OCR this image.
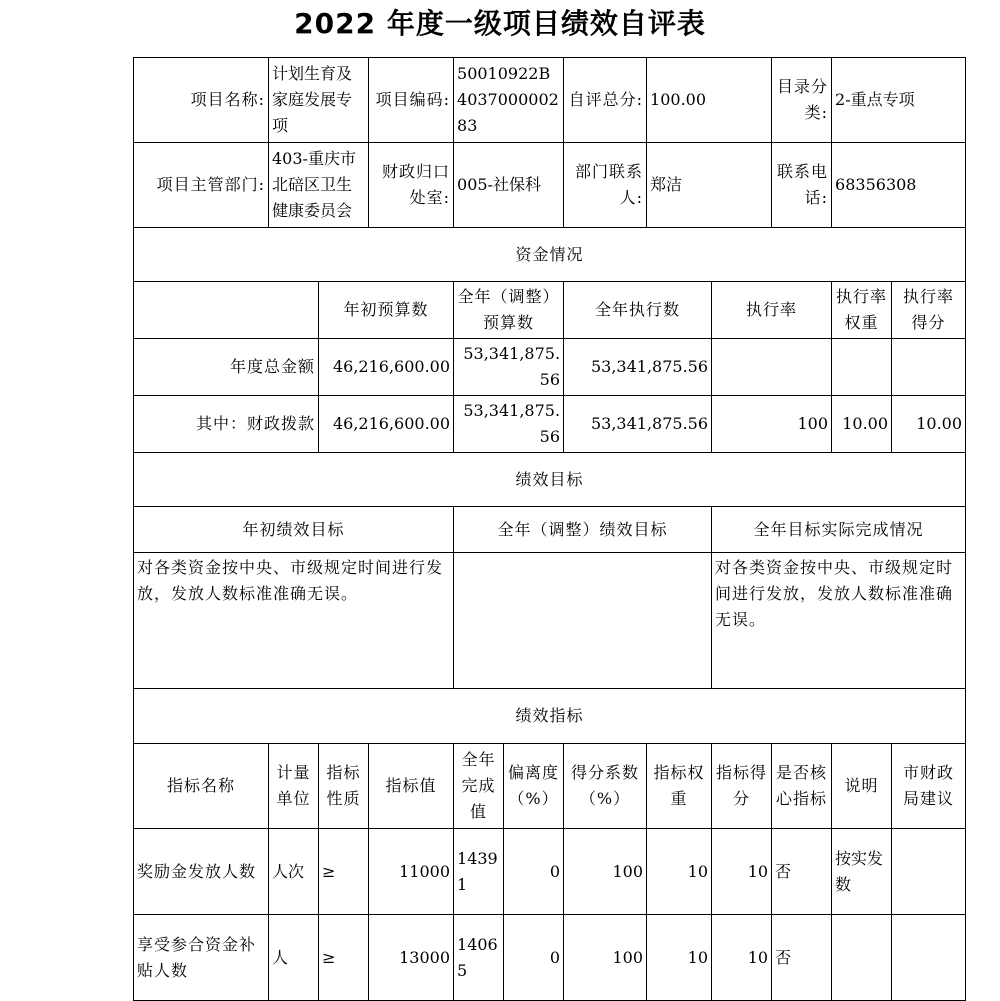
2022 年度一级项目绩效自评表
项目名称:	计划生育及家庭发展专项		项目编码:	50010922B403700000283		自评总分:	100.00		目录分类:	2-重点专项	
项目主管部门:	403-重庆市北碚区卫生健康委员会		财政归口处室:	005-社保科		部门联系人:	郑洁		联系电话:	68356308	
资金情况											
		年初预算数		全年（调整）预算数		全年执行数		执行率		执行率权重	执行率得分
年度总金额		46,216,600.00		53,341,875.56		53,341,875.56					
其中：财政拨款		46,216,600.00		53,341,875.56		53,341,875.56		100		10.00	10.00
绩效目标											
年初绩效目标				全年（调整）绩效目标				全年目标实际完成情况			
对各类资金按中央、市级规定时间进行发放，发放人数标准准确无误。								对各类资金按中央、市级规定时间进行发放，发放人数标准准确无误。			
绩效指标											
指标名称	计量单位	指标性质	指标值	全年完成值	偏离度（%）	得分系数（%）	指标权重	指标得分	是否核心指标	说明	市财政局建议
奖励金发放人数	人次	≥	11000	14391	0	100	10	10	否	按实发数	
享受参合资金补贴人数	人	≥	13000	14065	0	100	10	10	否		
